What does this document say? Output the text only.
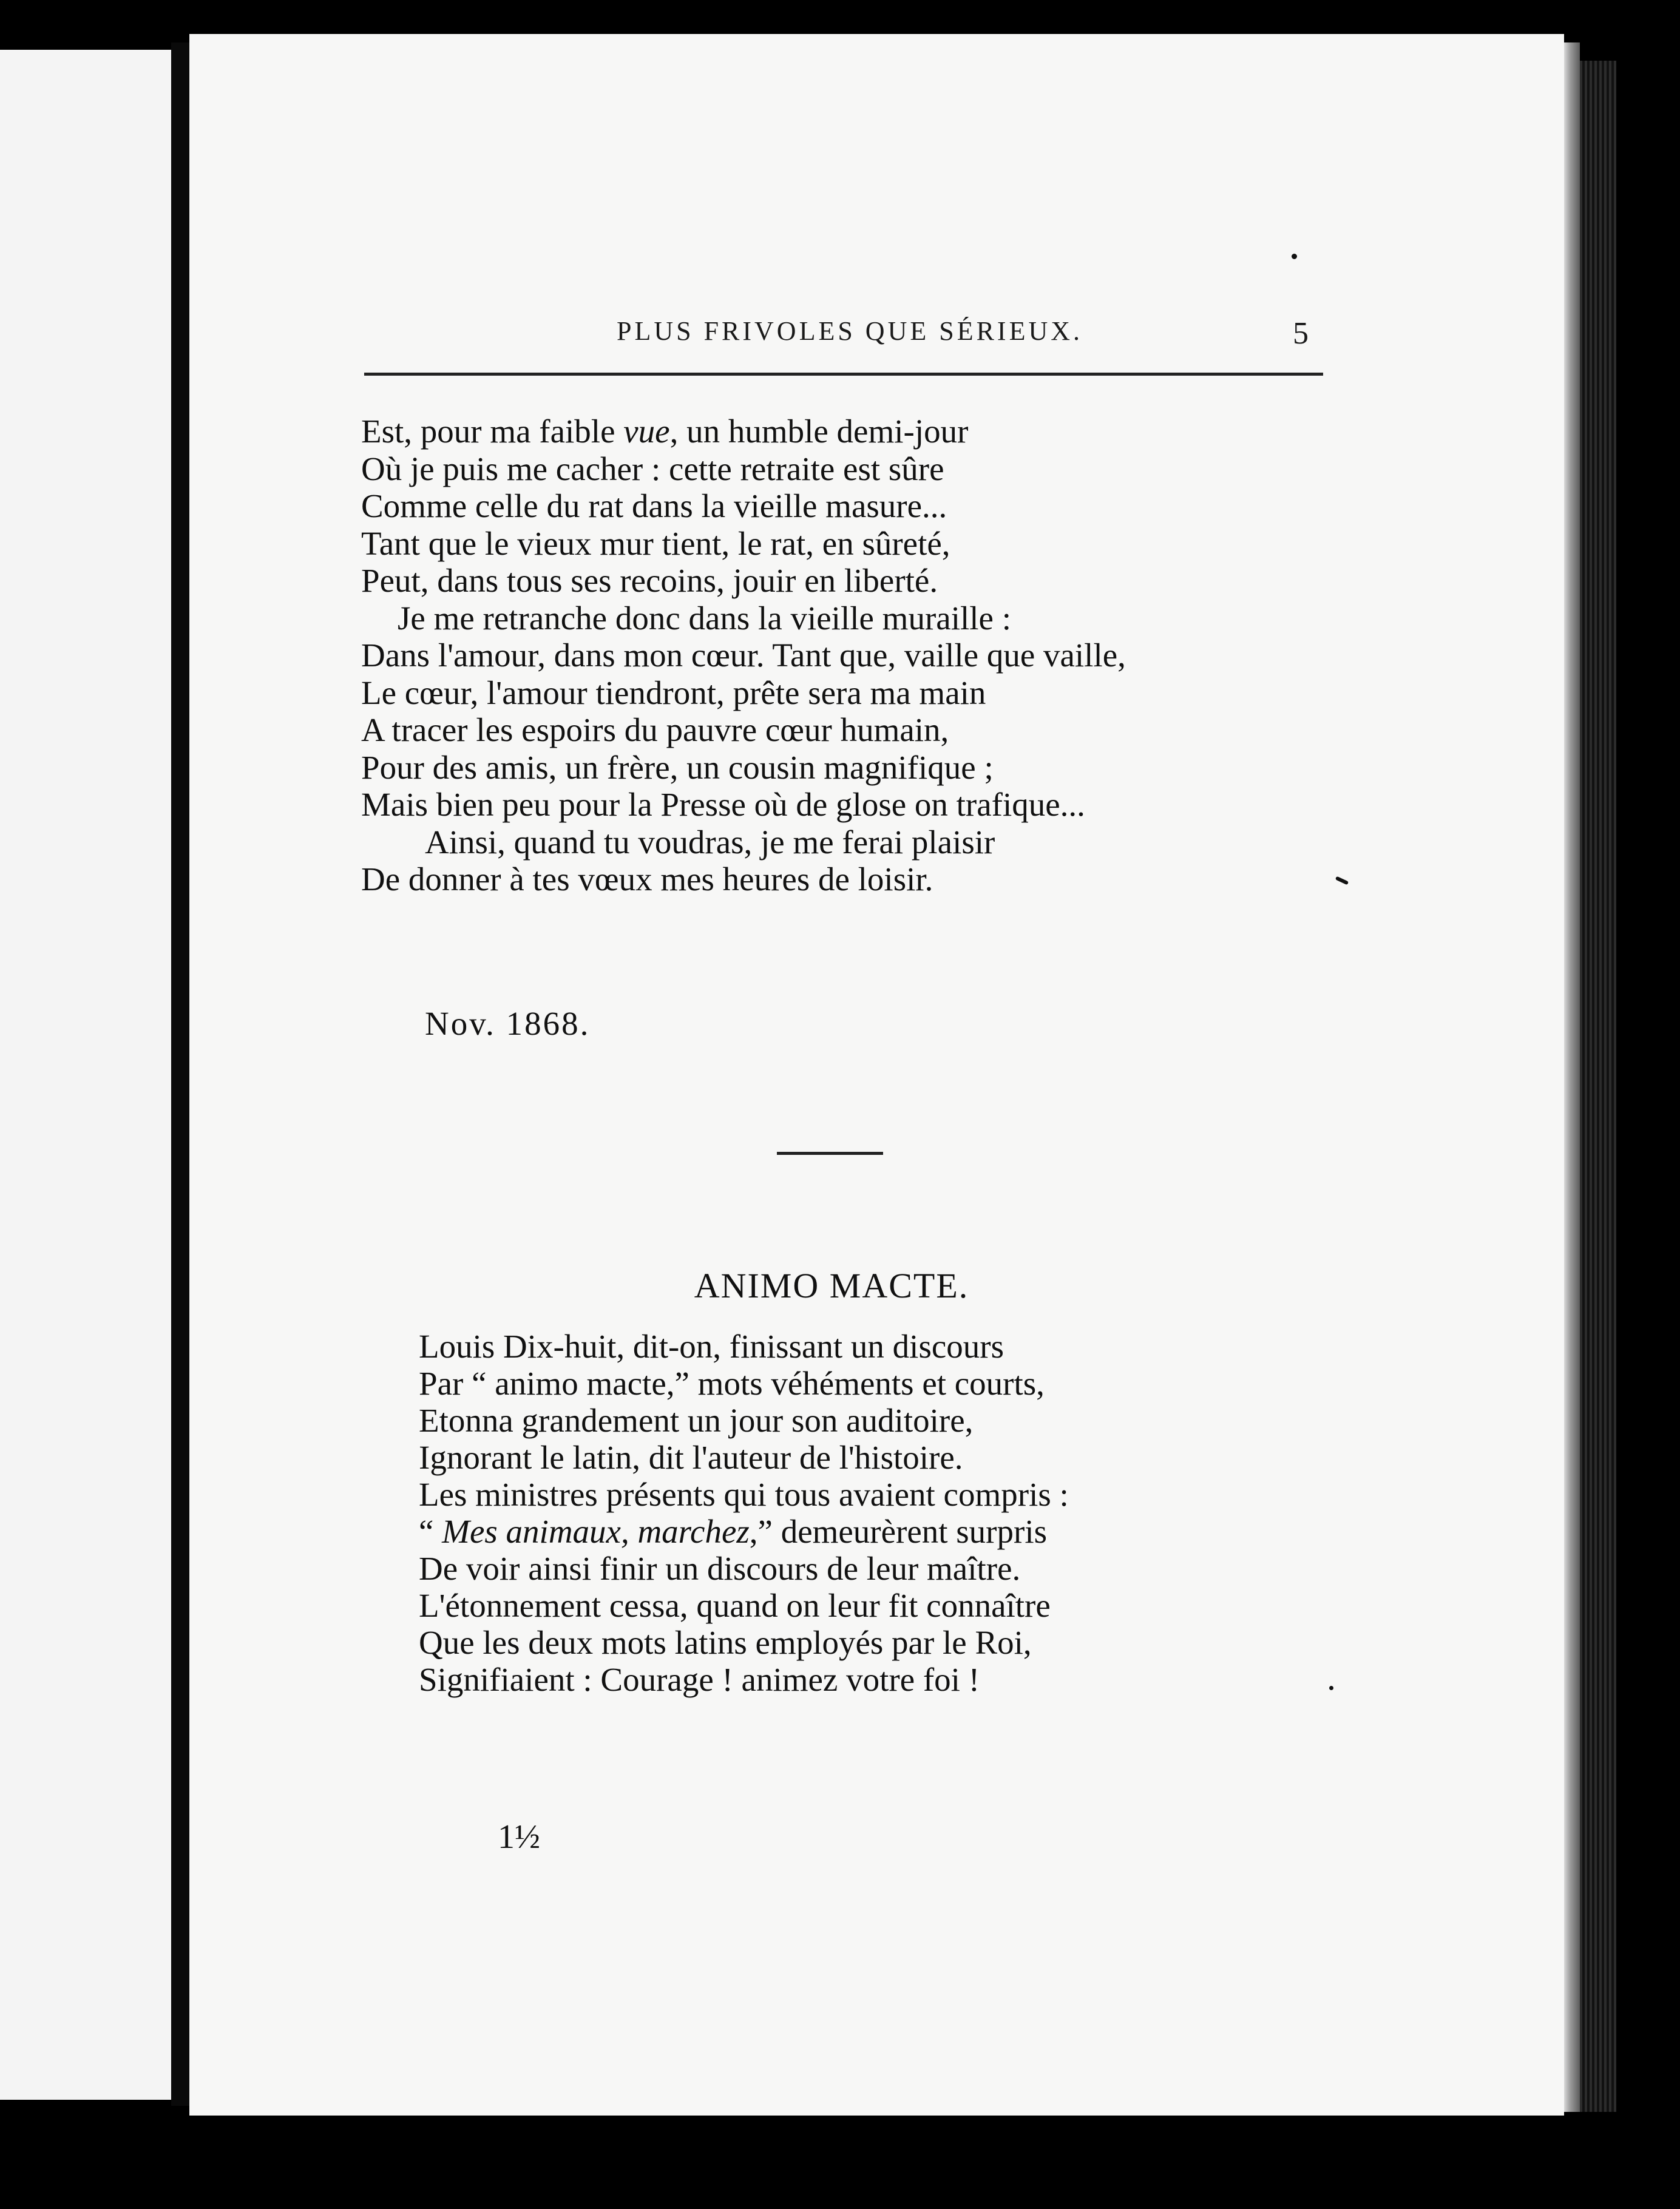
PLUS FRIVOLES QUE SÉRIEUX.	5
Est, pour ma faible vue, un humble demi-jour
Où je puis me cacher : cette retraite est sûre
Comme celle du rat dans la vieille masure...
Tant que le vieux mur tient, le rat, en sûreté,
Peut, dans tous ses recoins, jouir en liberté.
Je me retranche donc dans la vieille muraille :
Dans l'amour, dans mon cœur. Tant que, vaille que vaille,
Le cœur, l'amour tiendront, prête sera ma main
A tracer les espoirs du pauvre cœur humain,
Pour des amis, un frère, un cousin magnifique ;
Mais bien peu pour la Presse où de glose on trafique...
Ainsi, quand tu voudras, je me ferai plaisir
De donner à tes vœux mes heures de loisir.
Nov. 1868.
ANIMO MACTE.
Louis Dix-huit, dit-on, finissant un discours
Par “ animo macte,” mots véhéments et courts,
Etonna grandement un jour son auditoire,
Ignorant le latin, dit l'auteur de l'histoire.
Les ministres présents qui tous avaient compris :
“ Mes animaux, marchez,” demeurèrent surpris
De voir ainsi finir un discours de leur maître.
L'étonnement cessa, quand on leur fit connaître
Que les deux mots latins employés par le Roi,
Signifiaient : Courage ! animez votre foi !
1½
